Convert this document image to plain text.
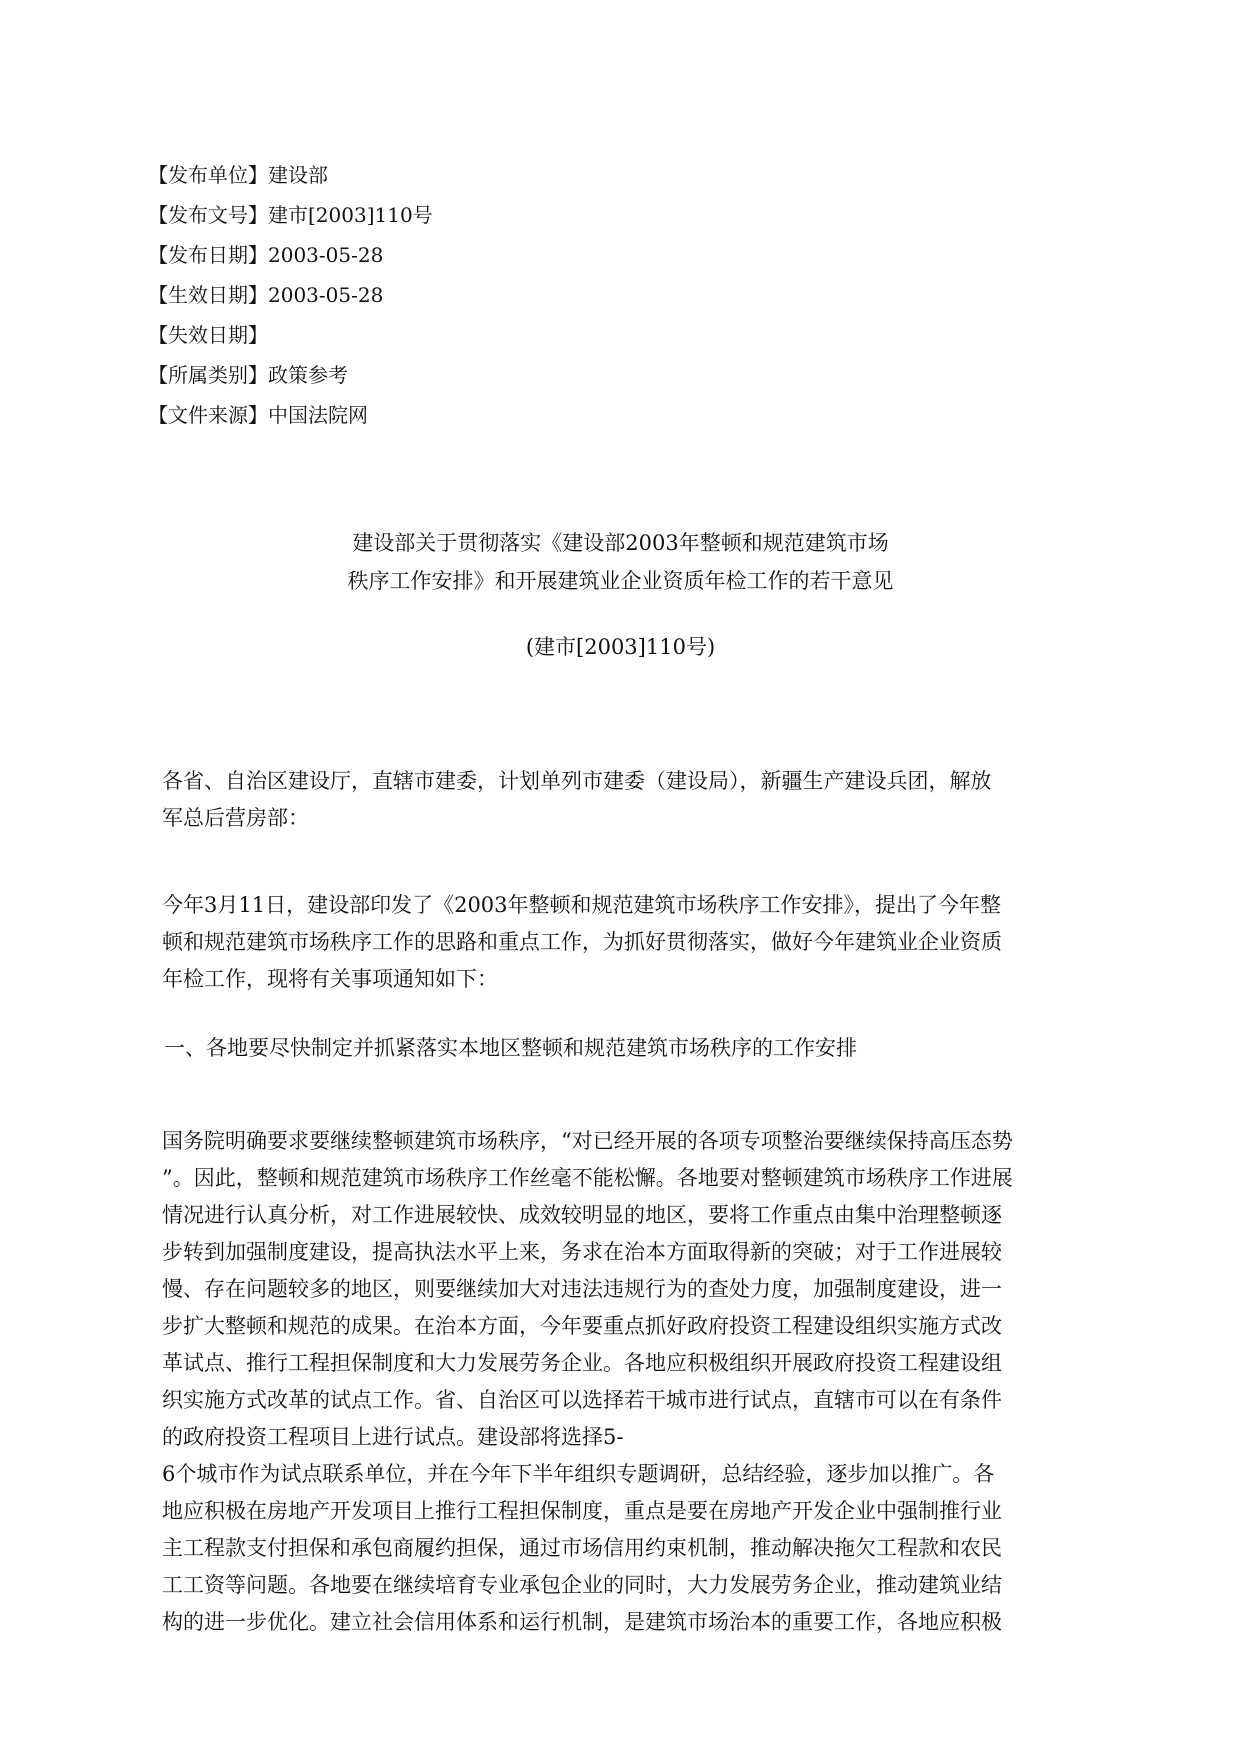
【发布单位】建设部
【发布文号】建市[2003]110号
【发布日期】2003-05-28
【生效日期】2003-05-28
【失效日期】
【所属类别】政策参考
【文件来源】中国法院网
建设部关于贯彻落实《建设部2003年整顿和规范建筑市场
秩序工作安排》和开展建筑业企业资质年检工作的若干意见
(建市[2003]110号)
各省、自治区建设厅，直辖市建委，计划单列市建委（建设局），新疆生产建设兵团，解放
军总后营房部：
今年3月11日，建设部印发了《2003年整顿和规范建筑市场秩序工作安排》，提出了今年整
顿和规范建筑市场秩序工作的思路和重点工作，为抓好贯彻落实，做好今年建筑业企业资质
年检工作，现将有关事项通知如下：
一、各地要尽快制定并抓紧落实本地区整顿和规范建筑市场秩序的工作安排
国务院明确要求要继续整顿建筑市场秩序，“对已经开展的各项专项整治要继续保持高压态势
”。因此，整顿和规范建筑市场秩序工作丝毫不能松懈。各地要对整顿建筑市场秩序工作进展
情况进行认真分析，对工作进展较快、成效较明显的地区，要将工作重点由集中治理整顿逐
步转到加强制度建设，提高执法水平上来，务求在治本方面取得新的突破；对于工作进展较
慢、存在问题较多的地区，则要继续加大对违法违规行为的查处力度，加强制度建设，进一
步扩大整顿和规范的成果。在治本方面，今年要重点抓好政府投资工程建设组织实施方式改
革试点、推行工程担保制度和大力发展劳务企业。各地应积极组织开展政府投资工程建设组
织实施方式改革的试点工作。省、自治区可以选择若干城市进行试点，直辖市可以在有条件
的政府投资工程项目上进行试点。建设部将选择5-
6个城市作为试点联系单位，并在今年下半年组织专题调研，总结经验，逐步加以推广。各
地应积极在房地产开发项目上推行工程担保制度，重点是要在房地产开发企业中强制推行业
主工程款支付担保和承包商履约担保，通过市场信用约束机制，推动解决拖欠工程款和农民
工工资等问题。各地要在继续培育专业承包企业的同时，大力发展劳务企业，推动建筑业结
构的进一步优化。建立社会信用体系和运行机制，是建筑市场治本的重要工作，各地应积极
